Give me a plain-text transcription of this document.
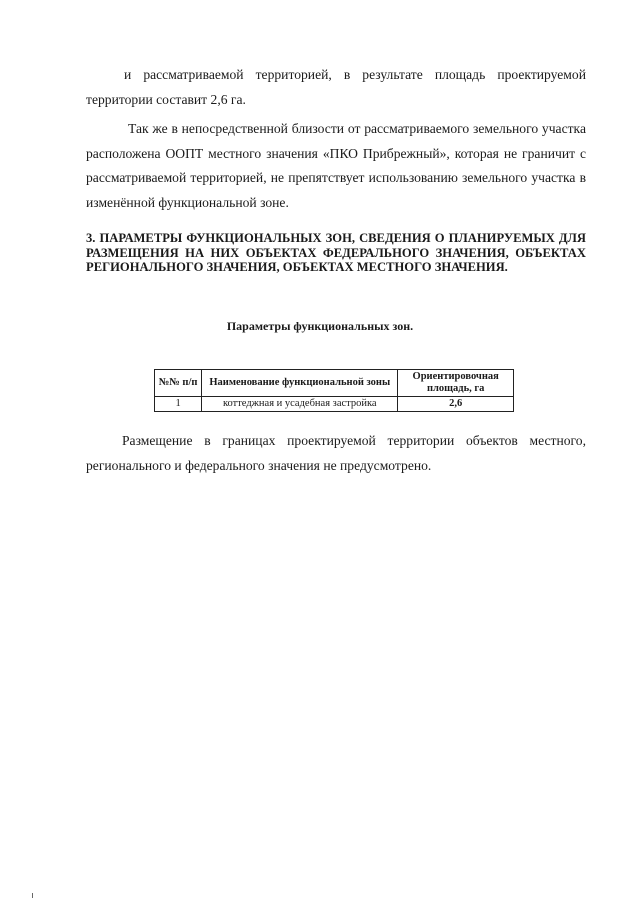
и рассматриваемой территорией, в результате площадь проектируемой территории составит 2,6 га.

Так же в непосредственной близости от рассматриваемого земельного участка расположена ООПТ местного значения «ПКО Прибрежный», которая не граничит с рассматриваемой территорией, не препятствует использованию земельного участка в изменённой функциональной зоне.

3. ПАРАМЕТРЫ ФУНКЦИОНАЛЬНЫХ ЗОН, СВЕДЕНИЯ О ПЛАНИРУЕМЫХ ДЛЯ РАЗМЕЩЕНИЯ НА НИХ ОБЪЕКТАХ ФЕДЕРАЛЬНОГО ЗНАЧЕНИЯ, ОБЪЕКТАХ РЕГИОНАЛЬНОГО ЗНАЧЕНИЯ, ОБЪЕКТАХ МЕСТНОГО ЗНАЧЕНИЯ.

Параметры функциональных зон.

№№ п/п	Наименование функциональной зоны	Ориентировочная площадь, га
1	коттеджная и усадебная застройка	2,6

Размещение в границах проектируемой территории объектов местного, регионального и федерального значения не предусмотрено.
